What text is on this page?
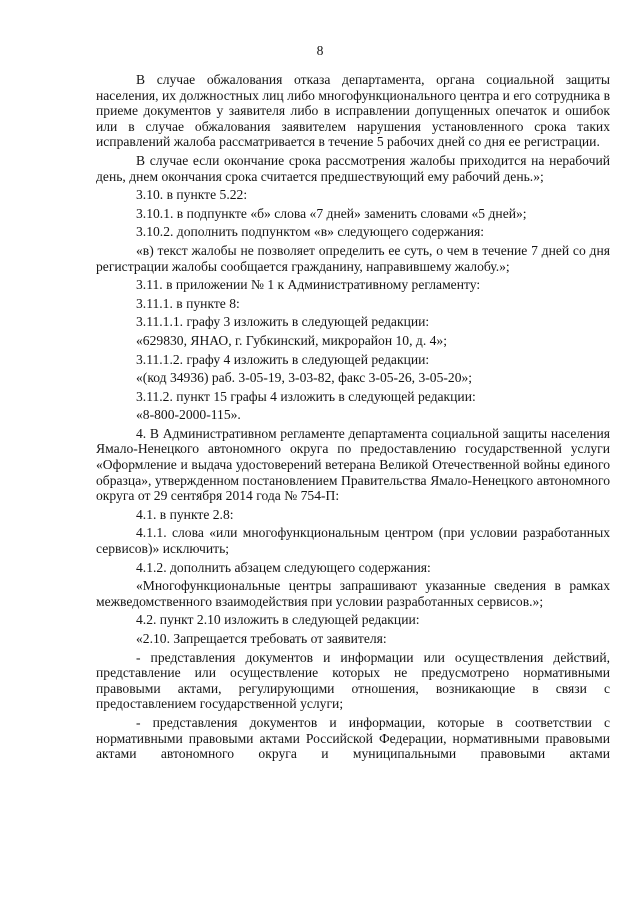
8

В случае обжалования отказа департамента, органа социальной защиты населения, их должностных лиц либо многофункционального центра и его сотрудника в приеме документов у заявителя либо в исправлении допущенных опечаток и ошибок или в случае обжалования заявителем нарушения установленного срока таких исправлений жалоба рассматривается в течение 5 рабочих дней со дня ее регистрации.

В случае если окончание срока рассмотрения жалобы приходится на нерабочий день, днем окончания срока считается предшествующий ему рабочий день.»;

3.10. в пункте 5.22:

3.10.1. в подпункте «б» слова «7 дней» заменить словами «5 дней»;

3.10.2. дополнить подпунктом «в» следующего содержания:

«в) текст жалобы не позволяет определить ее суть, о чем в течение 7 дней со дня регистрации жалобы сообщается гражданину, направившему жалобу.»;

3.11. в приложении № 1 к Административному регламенту:

3.11.1. в пункте 8:

3.11.1.1. графу 3 изложить в следующей редакции:

«629830, ЯНАО, г. Губкинский, микрорайон 10, д. 4»;

3.11.1.2. графу 4 изложить в следующей редакции:

«(код 34936) раб. 3-05-19, 3-03-82, факс 3-05-26, 3-05-20»;

3.11.2. пункт 15 графы 4 изложить в следующей редакции:

«8-800-2000-115».

4. В Административном регламенте департамента социальной защиты населения Ямало-Ненецкого автономного округа по предоставлению государственной услуги «Оформление и выдача удостоверений ветерана Великой Отечественной войны единого образца», утвержденном постановлением Правительства Ямало-Ненецкого автономного округа от 29 сентября 2014 года № 754-П:

4.1. в пункте 2.8:

4.1.1. слова «или многофункциональным центром (при условии разработанных сервисов)» исключить;

4.1.2. дополнить абзацем следующего содержания:

«Многофункциональные центры запрашивают указанные сведения в рамках межведомственного взаимодействия при условии разработанных сервисов.»;

4.2. пункт 2.10 изложить в следующей редакции:

«2.10. Запрещается требовать от заявителя:

- представления документов и информации или осуществления действий, представление или осуществление которых не предусмотрено нормативными правовыми актами, регулирующими отношения, возникающие в связи с предоставлением государственной услуги;

- представления документов и информации, которые в соответствии с нормативными правовыми актами Российской Федерации, нормативными правовыми актами автономного округа и муниципальными правовыми актами
